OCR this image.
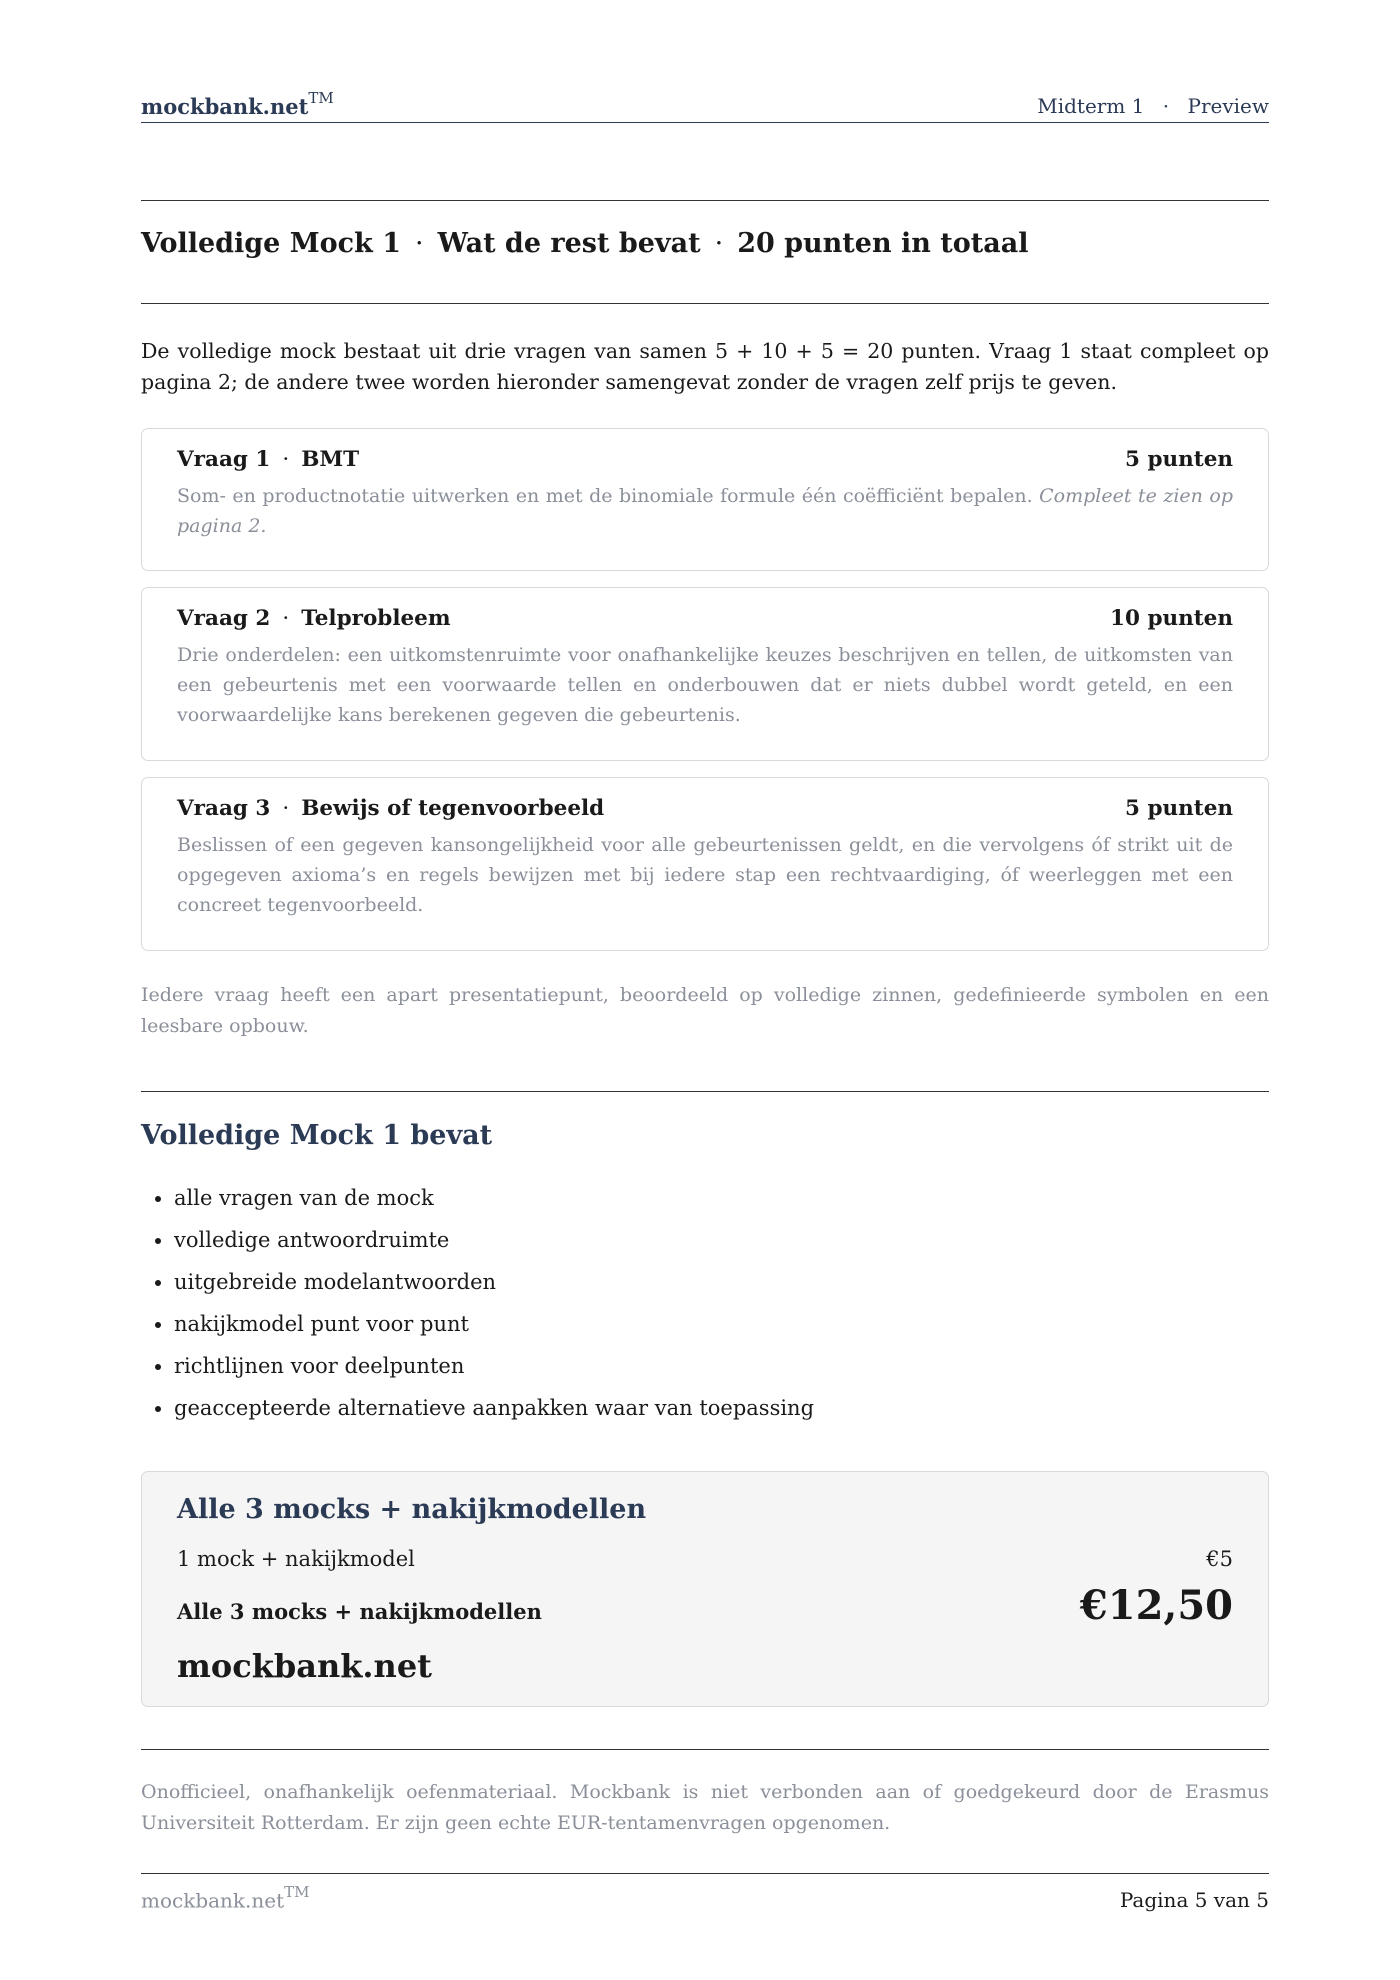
mockbank.net™	Midterm 1 · Preview
Volledige Mock 1 · Wat de rest bevat · 20 punten in totaal

De volledige mock bestaat uit drie vragen van samen 5 + 10 + 5 = 20 punten. Vraag 1 staat compleet op pagina 2; de andere twee worden hieronder samengevat zonder de vragen zelf prijs te geven.

Vraag 1 · BMT	5 punten
Som- en productnotatie uitwerken en met de binomiale formule één coëfficiënt bepalen. Compleet te zien op pagina 2.
Vraag 2 · Telprobleem	10 punten
Drie onderdelen: een uitkomstenruimte voor onafhankelijke keuzes beschrijven en tellen, de uitkomsten van een gebeurtenis met een voorwaarde tellen en onderbouwen dat er niets dubbel wordt geteld, en een voorwaardelijke kans berekenen gegeven die gebeurtenis.
Vraag 3 · Bewijs of tegenvoorbeeld	5 punten
Beslissen of een gegeven kansongelijkheid voor alle gebeurtenissen geldt, en die vervolgens óf strikt uit de opgegeven axioma’s en regels bewijzen met bij iedere stap een rechtvaardiging, óf weerleggen met een concreet tegenvoorbeeld.

Iedere vraag heeft een apart presentatiepunt, beoordeeld op volledige zinnen, gedefinieerde symbolen en een leesbare opbouw.

Volledige Mock 1 bevat
• alle vragen van de mock
• volledige antwoordruimte
• uitgebreide modelantwoorden
• nakijkmodel punt voor punt
• richtlijnen voor deelpunten
• geaccepteerde alternatieve aanpakken waar van toepassing
Alle 3 mocks + nakijkmodellen
1 mock + nakijkmodel	€5
Alle 3 mocks + nakijkmodellen	€12,50
mockbank.net

Onofficieel, onafhankelijk oefenmateriaal. Mockbank is niet verbonden aan of goedgekeurd door de Erasmus Universiteit Rotterdam. Er zijn geen echte EUR-tentamenvragen opgenomen.

mockbank.net™	Pagina 5 van 5
